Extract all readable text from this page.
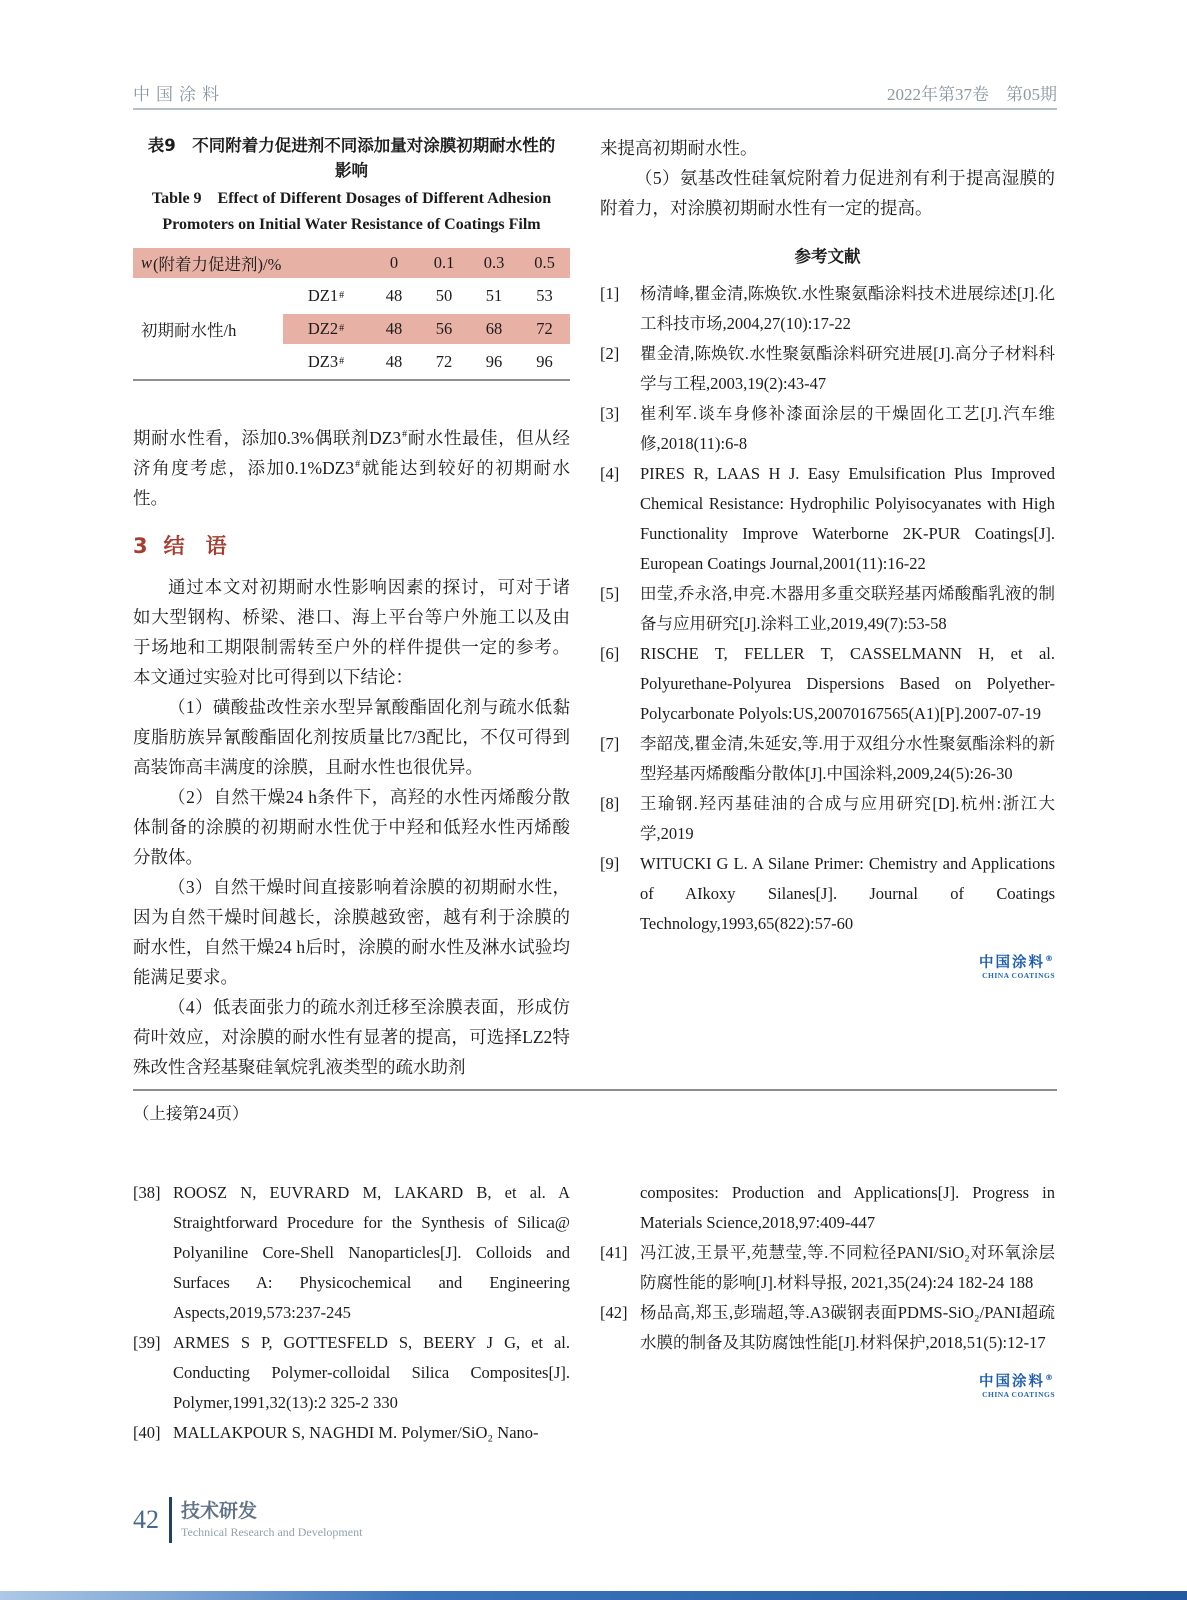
中国涂料	2022年第37卷　第05期
表9　不同附着力促进剂不同添加量对涂膜初期耐水性的
影响
Table 9　Effect of Different Dosages of Different Adhesion
Promoters on Initial Water Resistance of Coatings Film
w (附着力促进剂)/%	0	0.1	0.3	0.5
初期耐水性/h
DZ1 #	48	50	51	53
DZ2 #	48	56	68	72
DZ3 #	48	72	96	96

期耐水性看，添加0.3%偶联剂DZ3#耐水性最佳，但从经济角度考虑，添加0.1%DZ3#就能达到较好的初期耐水性。

3 结　语

通过本文对初期耐水性影响因素的探讨，可对于诸如大型钢构、桥梁、港口、海上平台等户外施工以及由于场地和工期限制需转至户外的样件提供一定的参考。本文通过实验对比可得到以下结论：

（1）磺酸盐改性亲水型异氰酸酯固化剂与疏水低黏度脂肪族异氰酸酯固化剂按质量比7/3配比，不仅可得到高装饰高丰满度的涂膜，且耐水性也很优异。

（2）自然干燥24 h条件下，高羟的水性丙烯酸分散体制备的涂膜的初期耐水性优于中羟和低羟水性丙烯酸分散体。

（3）自然干燥时间直接影响着涂膜的初期耐水性，因为自然干燥时间越长，涂膜越致密，越有利于涂膜的耐水性，自然干燥24 h后时，涂膜的耐水性及淋水试验均能满足要求。

（4）低表面张力的疏水剂迁移至涂膜表面，形成仿荷叶效应，对涂膜的耐水性有显著的提高，可选择LZ2特殊改性含羟基聚硅氧烷乳液类型的疏水助剂

来提高初期耐水性。

（5）氨基改性硅氧烷附着力促进剂有利于提高湿膜的附着力，对涂膜初期耐水性有一定的提高。

参考文献
[1]	杨清峰,瞿金清,陈焕钦.水性聚氨酯涂料技术进展综述[J].化工科技市场,2004,27(10):17-22
[2]	瞿金清,陈焕钦.水性聚氨酯涂料研究进展[J].高分子材料科学与工程,2003,19(2):43-47
[3]	崔利军.谈车身修补漆面涂层的干燥固化工艺[J].汽车维修,2018(11):6-8
[4]	PIRES R, LAAS H J. Easy Emulsification Plus Improved Chemical Resistance: Hydrophilic Polyisocyanates with High Functionality Improve Waterborne 2K-PUR Coatings[J]. European Coatings Journal,2001(11):16-22
[5]	田莹,乔永洛,申亮.木器用多重交联羟基丙烯酸酯乳液的制备与应用研究[J].涂料工业,2019,49(7):53-58
[6]	RISCHE T, FELLER T, CASSELMANN H, et al. Polyurethane-Polyurea Dispersions Based on Polyether-Polycarbonate Polyols:US,20070167565(A1)[P].2007-07-19
[7]	李韶茂,瞿金清,朱延安,等.用于双组分水性聚氨酯涂料的新型羟基丙烯酸酯分散体[J].中国涂料,2009,24(5):26-30
[8]	王瑜钢.羟丙基硅油的合成与应用研究[D].杭州:浙江大学,2019
[9]	WITUCKI G L. A Silane Primer: Chemistry and Applications of AIkoxy Silanes[J]. Journal of Coatings Technology,1993,65(822):57-60
中国涂料®
CHINA COATINGS
（上接第24页）
[38] ROOSZ N, EUVRARD M, LAKARD B, et al. A Straightforward Procedure for the Synthesis of Silica@ Polyaniline Core-Shell Nanoparticles[J]. Colloids and Surfaces A: Physicochemical and Engineering Aspects,2019,573:237-245
[39] ARMES S P, GOTTESFELD S, BEERY J G, et al. Conducting Polymer-colloidal Silica Composites[J]. Polymer,1991,32(13):2 325-2 330
[40] MALLAKPOUR S, NAGHDI M. Polymer/SiO₂ Nano-
composites: Production and Applications[J]. Progress in Materials Science,2018,97:409-447
[41] 冯江波,王景平,苑慧莹,等.不同粒径PANI/SiO₂对环氧涂层防腐性能的影响[J].材料导报, 2021,35(24):24 182-24 188
[42] 杨品高,郑玉,彭瑞超,等.A3碳钢表面PDMS-SiO₂/PANI超疏水膜的制备及其防腐蚀性能[J].材料保护,2018,51(5):12-17
中国涂料®
CHINA COATINGS
42 技术研发
Technical Research and Development
